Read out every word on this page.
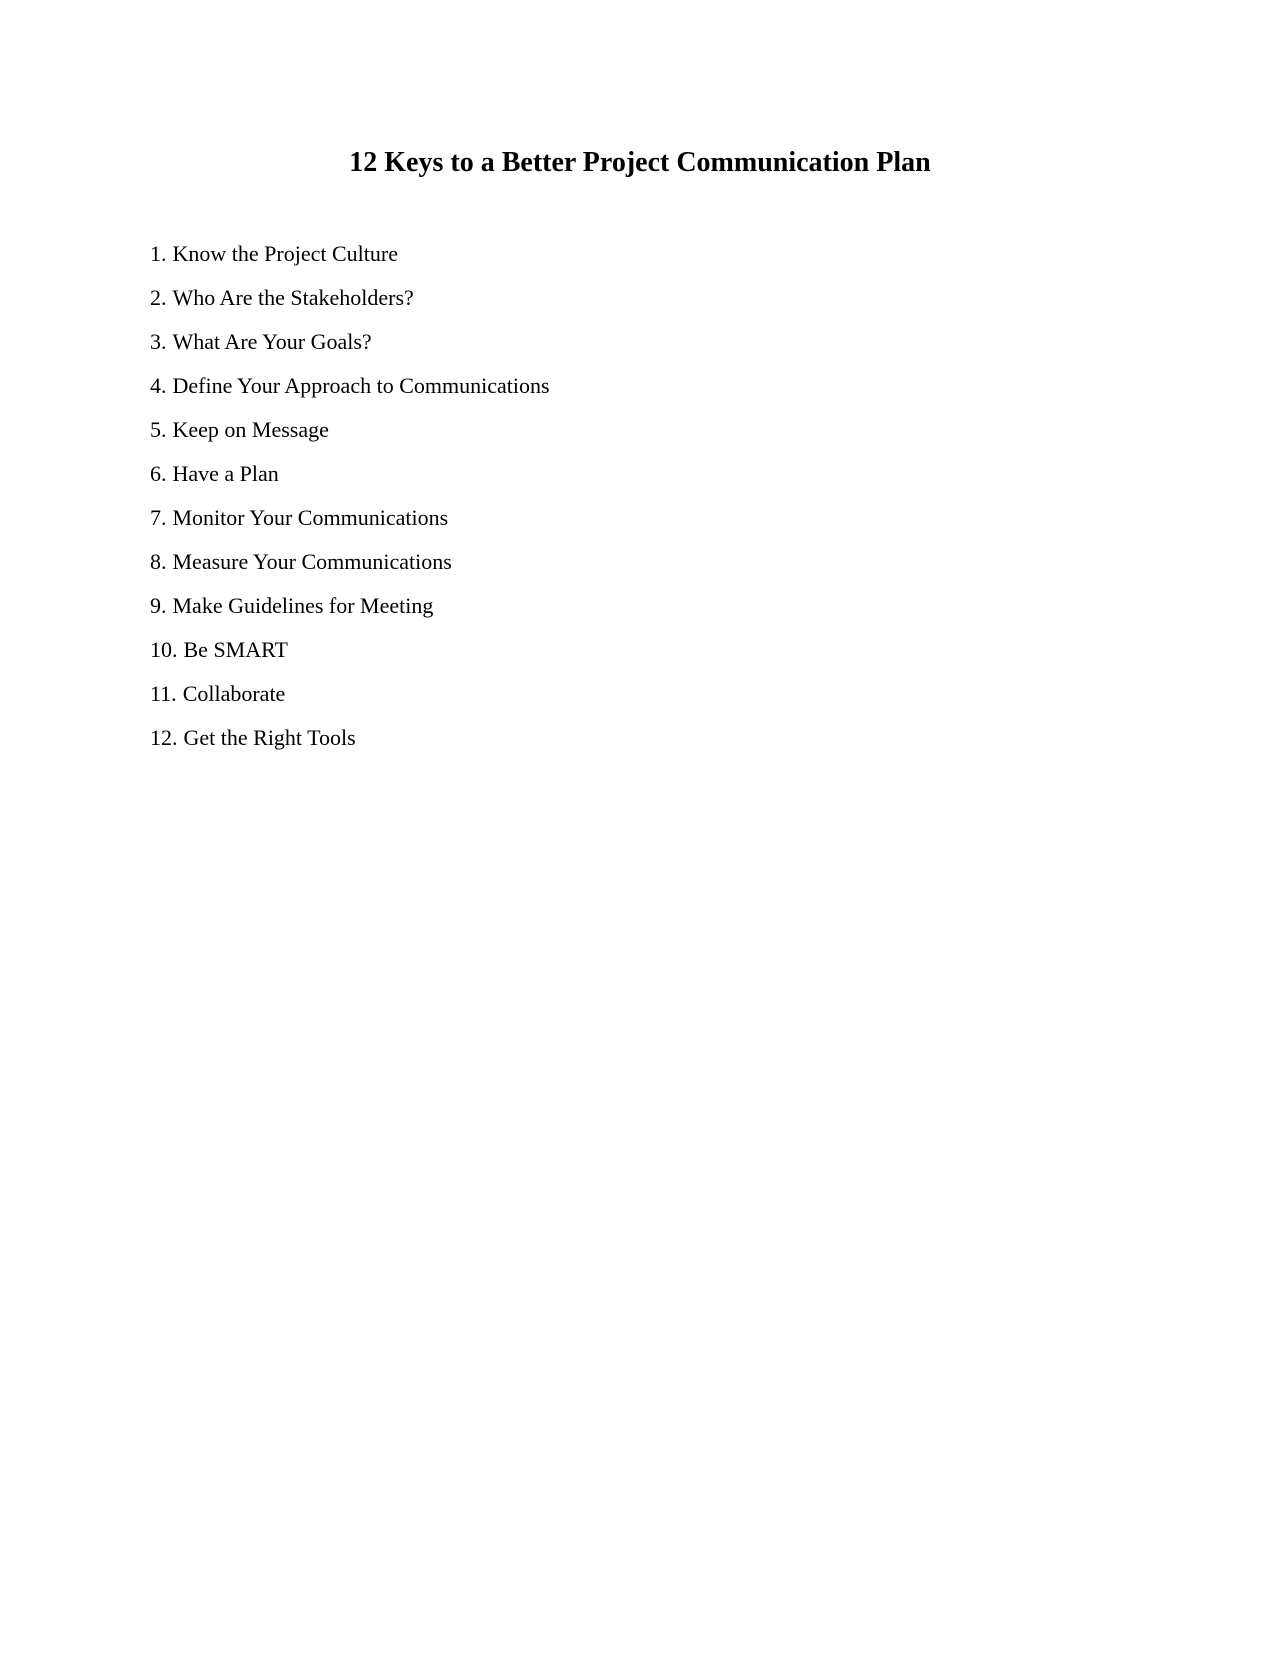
12 Keys to a Better Project Communication Plan
1. Know the Project Culture
2. Who Are the Stakeholders?
3. What Are Your Goals?
4. Define Your Approach to Communications
5. Keep on Message
6. Have a Plan
7. Monitor Your Communications
8. Measure Your Communications
9. Make Guidelines for Meeting
10. Be SMART
11. Collaborate
12. Get the Right Tools
